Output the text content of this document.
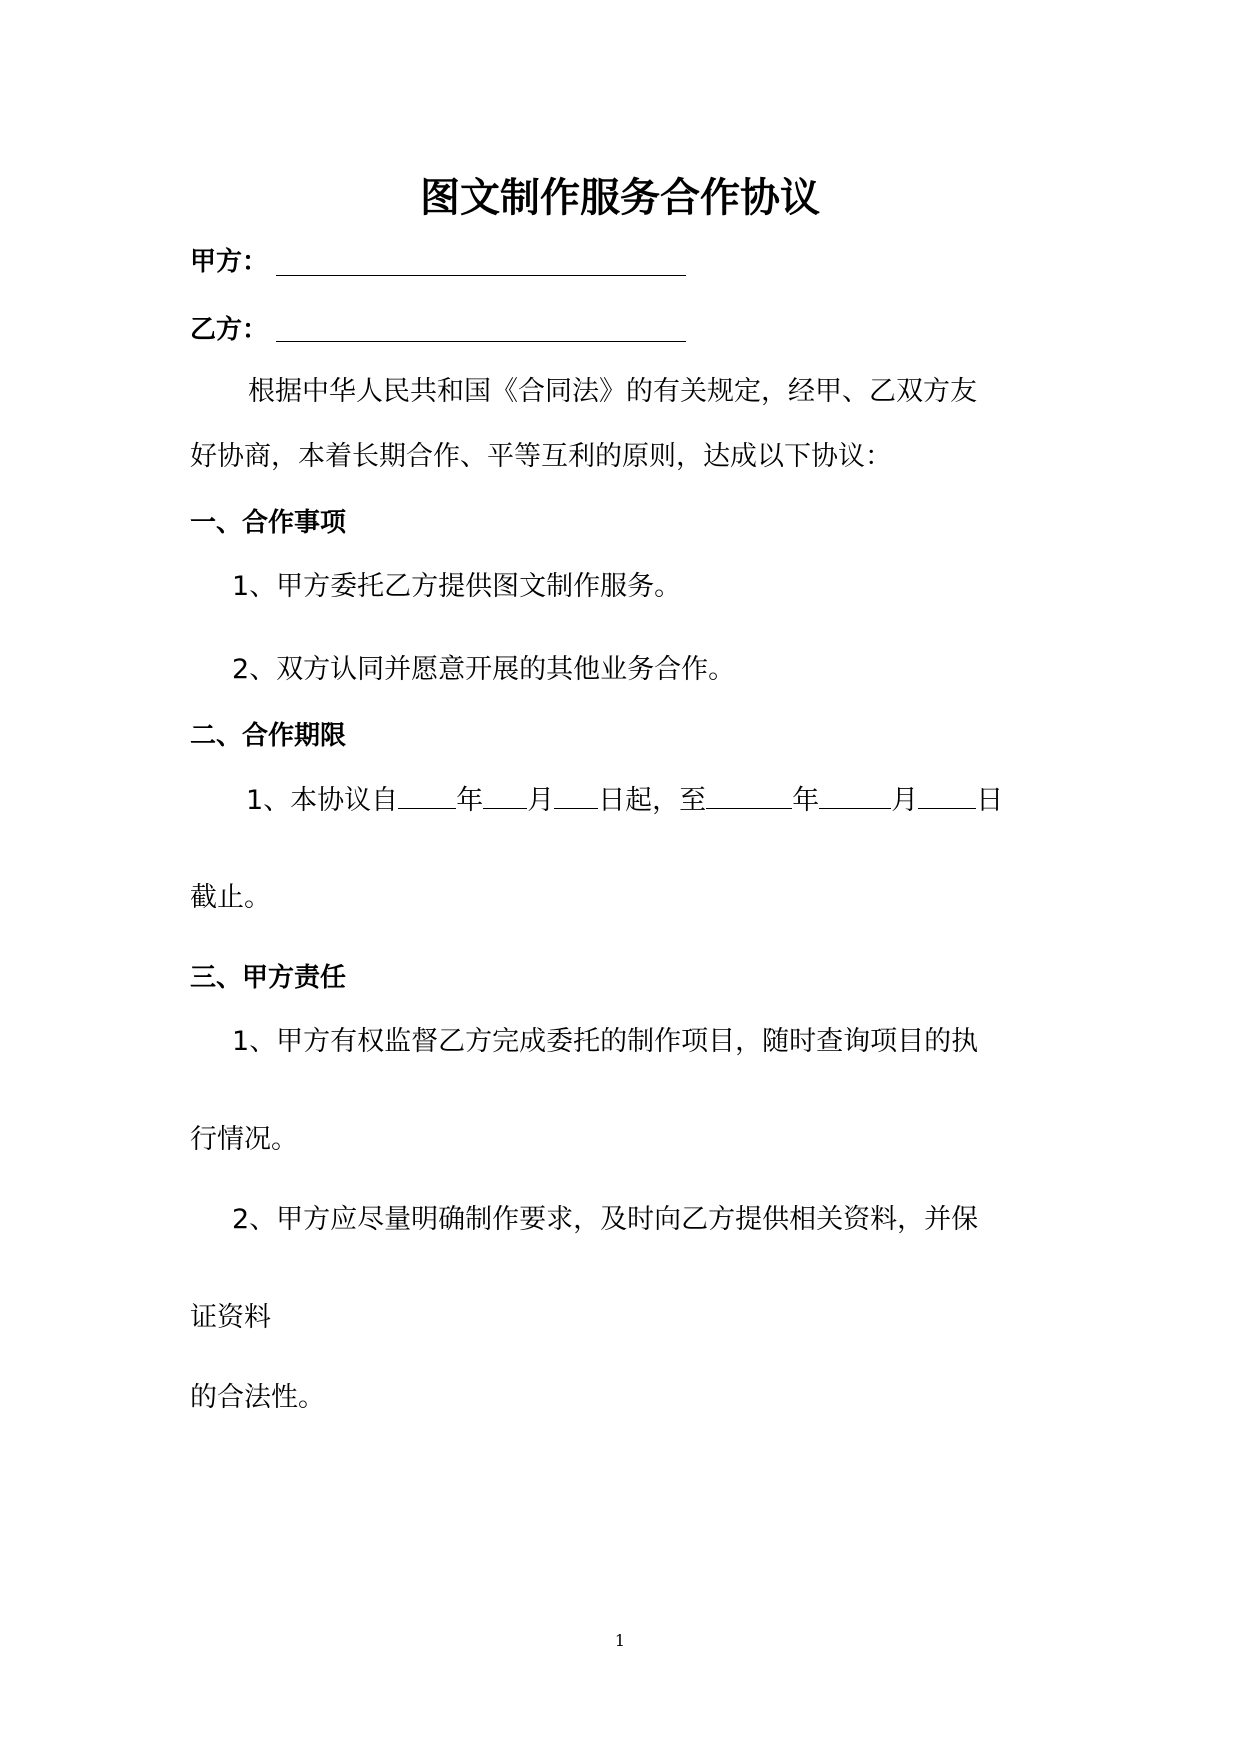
图文制作服务合作协议
甲方：
乙方：
根据中华人民共和国《合同法》的有关规定，经甲、乙双方友
好协商，本着长期合作、平等互利的原则，达成以下协议：
一、合作事项
1、甲方委托乙方提供图文制作服务。
2、双方认同并愿意开展的其他业务合作。
二、合作期限
1、本协议自 年 月 日起，至	年	月 日
截止。
三、甲方责任
1、甲方有权监督乙方完成委托的制作项目，随时查询项目的执
行情况。
2、甲方应尽量明确制作要求，及时向乙方提供相关资料，并保
证资料
的合法性。
1
